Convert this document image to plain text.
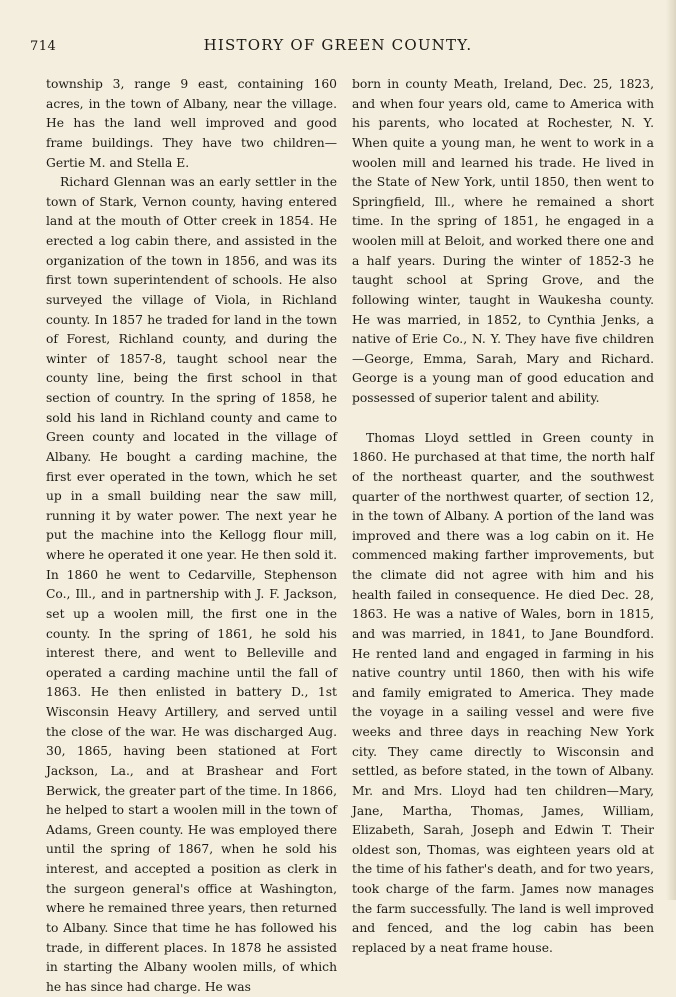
714	HISTORY OF GREEN COUNTY.

township 3, range 9 east, containing 160 acres, in the town of Albany, near the village. He has the land well improved and good frame buildings. They have two children—Gertie M. and Stella E.

Richard Glennan was an early settler in the town of Stark, Vernon county, having entered land at the mouth of Otter creek in 1854. He erected a log cabin there, and assisted in the organization of the town in 1856, and was its first town superintendent of schools. He also surveyed the village of Viola, in Richland county. In 1857 he traded for land in the town of Forest, Richland county, and during the winter of 1857-8, taught school near the county line, being the first school in that section of country. In the spring of 1858, he sold his land in Richland county and came to Green county and located in the village of Albany. He bought a carding machine, the first ever operated in the town, which he set up in a small building near the saw mill, running it by water power. The next year he put the machine into the Kellogg flour mill, where he operated it one year. He then sold it. In 1860 he went to Cedarville, Stephenson Co., Ill., and in partnership with J. F. Jackson, set up a woolen mill, the first one in the county. In the spring of 1861, he sold his interest there, and went to Belleville and operated a carding machine until the fall of 1863. He then enlisted in battery D., 1st Wisconsin Heavy Artillery, and served until the close of the war. He was discharged Aug. 30, 1865, having been stationed at Fort Jackson, La., and at Brashear and Fort Berwick, the greater part of the time. In 1866, he helped to start a woolen mill in the town of Adams, Green county. He was employed there until the spring of 1867, when he sold his interest, and accepted a position as clerk in the surgeon general's office at Washington, where he remained three years, then returned to Albany. Since that time he has followed his trade, in different places. In 1878 he assisted in starting the Albany woolen mills, of which he has since had charge. He was

born in county Meath, Ireland, Dec. 25, 1823, and when four years old, came to America with his parents, who located at Rochester, N. Y. When quite a young man, he went to work in a woolen mill and learned his trade. He lived in the State of New York, until 1850, then went to Springfield, Ill., where he remained a short time. In the spring of 1851, he engaged in a woolen mill at Beloit, and worked there one and a half years. During the winter of 1852-3 he taught school at Spring Grove, and the following winter, taught in Waukesha county. He was married, in 1852, to Cynthia Jenks, a native of Erie Co., N. Y. They have five children—George, Emma, Sarah, Mary and Richard. George is a young man of good education and possessed of superior talent and ability.

Thomas Lloyd settled in Green county in 1860. He purchased at that time, the north half of the northeast quarter, and the southwest quarter of the northwest quarter, of section 12, in the town of Albany. A portion of the land was improved and there was a log cabin on it. He commenced making farther improvements, but the climate did not agree with him and his health failed in consequence. He died Dec. 28, 1863. He was a native of Wales, born in 1815, and was married, in 1841, to Jane Boundford. He rented land and engaged in farming in his native country until 1860, then with his wife and family emigrated to America. They made the voyage in a sailing vessel and were five weeks and three days in reaching New York city. They came directly to Wisconsin and settled, as before stated, in the town of Albany. Mr. and Mrs. Lloyd had ten children—Mary, Jane, Martha, Thomas, James, William, Elizabeth, Sarah, Joseph and Edwin T. Their oldest son, Thomas, was eighteen years old at the time of his father's death, and for two years, took charge of the farm. James now manages the farm successfully. The land is well improved and fenced, and the log cabin has been replaced by a neat frame house.
